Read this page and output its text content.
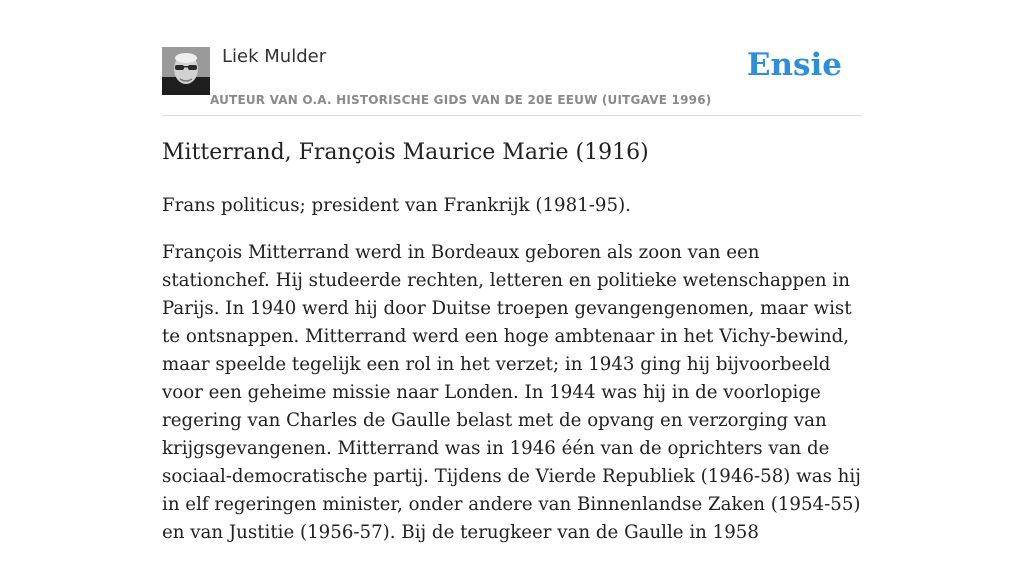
Liek Mulder
AUTEUR VAN O.A. HISTORISCHE GIDS VAN DE 20E EEUW (UITGAVE 1996)
Ensie
Mitterrand, François Maurice Marie (1916)

Frans politicus; president van Frankrijk (1981-95).

François Mitterrand werd in Bordeaux geboren als zoon van een stationchef. Hij studeerde rechten, letteren en politieke wetenschappen in Parijs. In 1940 werd hij door Duitse troepen gevangengenomen, maar wist te ontsnappen. Mitterrand werd een hoge ambtenaar in het Vichy-bewind, maar speelde tegelijk een rol in het verzet; in 1943 ging hij bijvoorbeeld voor een geheime missie naar Londen. In 1944 was hij in de voorlopige regering van Charles de Gaulle belast met de opvang en verzorging van krijgsgevangenen. Mitterrand was in 1946 één van de oprichters van de sociaal-democratische partij. Tijdens de Vierde Republiek (1946-58) was hij in elf regeringen minister, onder andere van Binnenlandse Zaken (1954-55) en van Justitie (1956-57). Bij de terugkeer van de Gaulle in 1958
